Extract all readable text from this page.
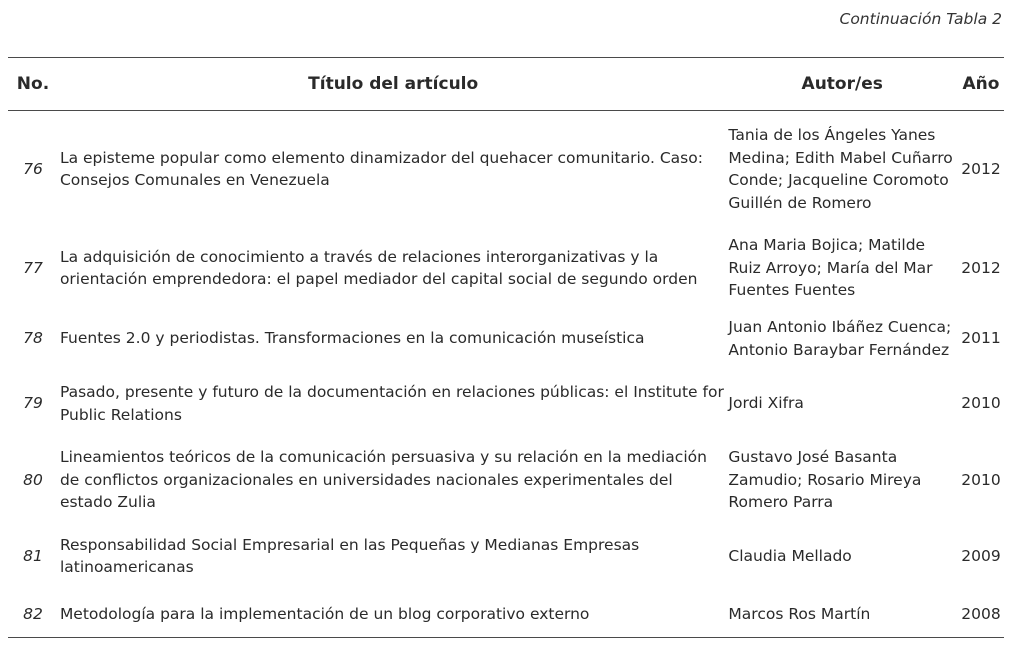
Continuación Tabla 2
No.	Título del artículo	Autor/es	Año
76	La episteme popular como elemento dinamizador del quehacer comunitario. Caso: Consejos Comunales en Venezuela	Tania de los Ángeles Yanes Medina; Edith Mabel Cuñarro Conde; Jacqueline Coromoto Guillén de Romero	2012
77	La adquisición de conocimiento a través de relaciones interorganizativas y la orientación emprendedora: el papel mediador del capital social de segundo orden	Ana Maria Bojica; Matilde Ruiz Arroyo; María del Mar Fuentes Fuentes	2012
78	Fuentes 2.0 y periodistas. Transformaciones en la comunicación museística	Juan Antonio Ibáñez Cuenca; Antonio Baraybar Fernández	2011
79	Pasado, presente y futuro de la documentación en relaciones públicas: el Institute for Public Relations	Jordi Xifra	2010
80	Lineamientos teóricos de la comunicación persuasiva y su relación en la mediación de conflictos organizacionales en universidades nacionales experimentales del estado Zulia	Gustavo José Basanta Zamudio; Rosario Mireya Romero Parra	2010
81	Responsabilidad Social Empresarial en las Pequeñas y Medianas Empresas latinoamericanas	Claudia Mellado	2009
82	Metodología para la implementación de un blog corporativo externo	Marcos Ros Martín	2008
